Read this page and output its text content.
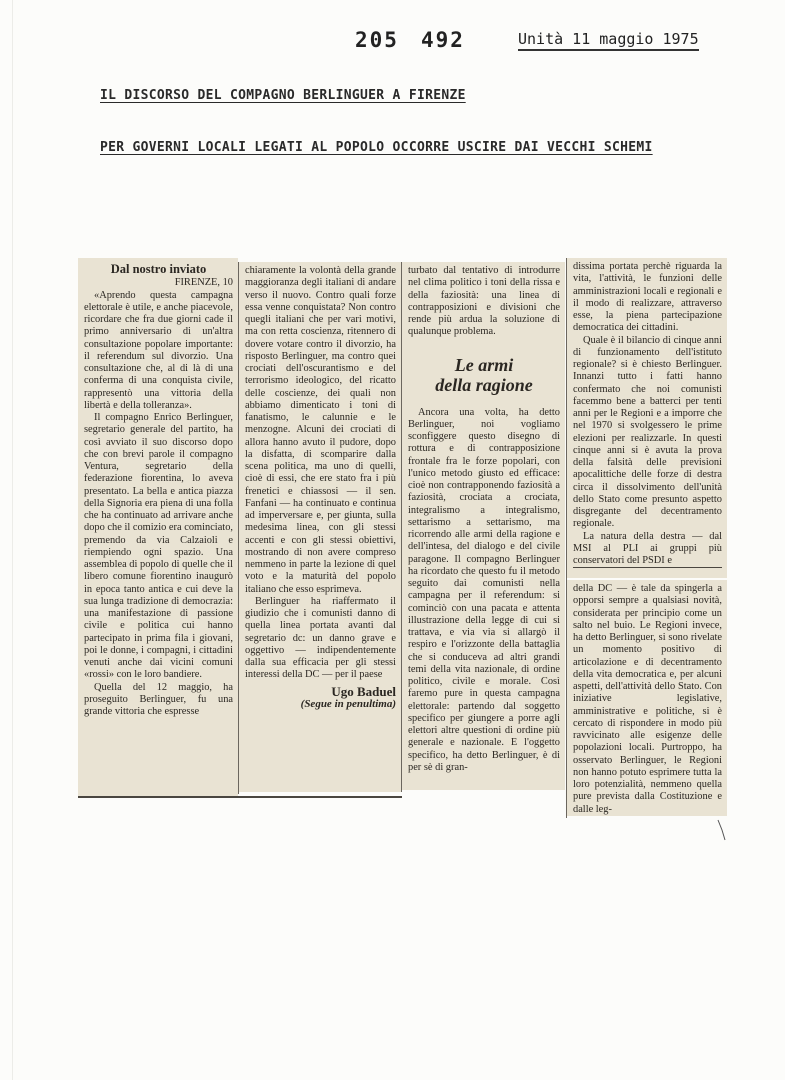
205 492	Unità 11 maggio 1975
IL DISCORSO DEL COMPAGNO BERLINGUER A FIRENZE
PER GOVERNI LOCALI LEGATI AL POPOLO OCCORRE USCIRE DAI VECCHI SCHEMI
Dal nostro inviato

FIRENZE, 10

«Aprendo questa campagna elettorale è utile, e anche piacevole, ricordare che fra due giorni cade il primo anniversario di un'altra consultazione popolare importante: il referendum sul divorzio. Una consultazione che, al di là di una conferma di una conquista civile, rappresentò una vittoria della libertà e della tolleranza».

Il compagno Enrico Berlinguer, segretario generale del partito, ha così avviato il suo discorso dopo che con brevi parole il compagno Ventura, segretario della federazione fiorentina, lo aveva presentato. La bella e antica piazza della Signoria era piena di una folla che ha continuato ad arrivare anche dopo che il comizio era cominciato, premendo da via Calzaioli e riempiendo ogni spazio. Una assemblea di popolo di quelle che il libero comune fiorentino inaugurò in epoca tanto antica e cui deve la sua lunga tradizione di democrazia: una manifestazione di passione civile e politica cui hanno partecipato in prima fila i giovani, poi le donne, i compagni, i cittadini venuti anche dai vicini comuni «rossi» con le loro bandiere.

Quella del 12 maggio, ha proseguito Berlinguer, fu una grande vittoria che espresse

chiaramente la volontà della grande maggioranza degli italiani di andare verso il nuovo. Contro quali forze essa venne conquistata? Non contro quegli italiani che per vari motivi, ma con retta coscienza, ritennero di dovere votare contro il divorzio, ha risposto Berlinguer, ma contro quei crociati dell'oscurantismo e del terrorismo ideologico, del ricatto delle coscienze, dei quali non abbiamo dimenticato i toni di fanatismo, le calunnie e le menzogne. Alcuni dei crociati di allora hanno avuto il pudore, dopo la disfatta, di scomparire dalla scena politica, ma uno di quelli, cioè di essi, che ere stato fra i più frenetici e chiassosi — il sen. Fanfani — ha continuato e continua ad imperversare e, per giunta, sulla medesima linea, con gli stessi accenti e con gli stessi obiettivi, mostrando di non avere compreso nemmeno in parte la lezione di quel voto e la maturità del popolo italiano che esso esprimeva.

Berlinguer ha riaffermato il giudizio che i comunisti danno di quella linea portata avanti dal segretario dc: un danno grave e oggettivo — indipendentemente dalla sua efficacia per gli stessi interessi della DC — per il paese

Ugo Baduel
(Segue in penultima)

turbato dal tentativo di introdurre nel clima politico i toni della rissa e della faziosità: una linea di contrapposizioni e divisioni che rende più ardua la soluzione di qualunque problema.

Le armi
della ragione

Ancora una volta, ha detto Berlinguer, noi vogliamo sconfiggere questo disegno di rottura e di contrapposizione frontale fra le forze popolari, con l'unico metodo giusto ed efficace: cioè non contrapponendo faziosità a faziosità, crociata a crociata, integralismo a integralismo, settarismo a settarismo, ma ricorrendo alle armi della ragione e dell'intesa, del dialogo e del civile paragone. Il compagno Berlinguer ha ricordato che questo fu il metodo seguito dai comunisti nella campagna per il referendum: si cominciò con una pacata e attenta illustrazione della legge di cui si trattava, e via via si allargò il respiro e l'orizzonte della battaglia che si conduceva ad altri grandi temi della vita nazionale, di ordine politico, civile e morale. Così faremo pure in questa campagna elettorale: partendo dal soggetto specifico per giungere a porre agli elettori altre questioni di ordine più generale e nazionale. E l'oggetto specifico, ha detto Berlinguer, è di per sè di gran-

dissima portata perchè riguarda la vita, l'attività, le funzioni delle amministrazioni locali e regionali e il modo di realizzare, attraverso esse, la piena partecipazione democratica dei cittadini.

Quale è il bilancio di cinque anni di funzionamento dell'istituto regionale? si è chiesto Berlinguer. Innanzi tutto i fatti hanno confermato che noi comunisti facemmo bene a batterci per tenti anni per le Regioni e a imporre che nel 1970 si svolgessero le prime elezioni per realizzarle. In questi cinque anni si è avuta la prova della falsità delle previsioni apocalittiche delle forze di destra circa il dissolvimento dell'unità dello Stato come presunto aspetto disgregante del decentramento regionale.

La natura della destra — dal MSI al PLI ai gruppi più conservatori del PSDI e

della DC — è tale da spingerla a opporsi sempre a qualsiasi novità, considerata per principio come un salto nel buio. Le Regioni invece, ha detto Berlinguer, si sono rivelate un momento positivo di articolazione e di decentramento della vita democratica e, per alcuni aspetti, dell'attività dello Stato. Con iniziative legislative, amministrative e politiche, si è cercato di rispondere in modo più ravvicinato alle esigenze delle popolazioni locali. Purtroppo, ha osservato Berlinguer, le Regioni non hanno potuto esprimere tutta la loro potenzialità, nemmeno quella pure prevista dalla Costituzione e dalle leg-
